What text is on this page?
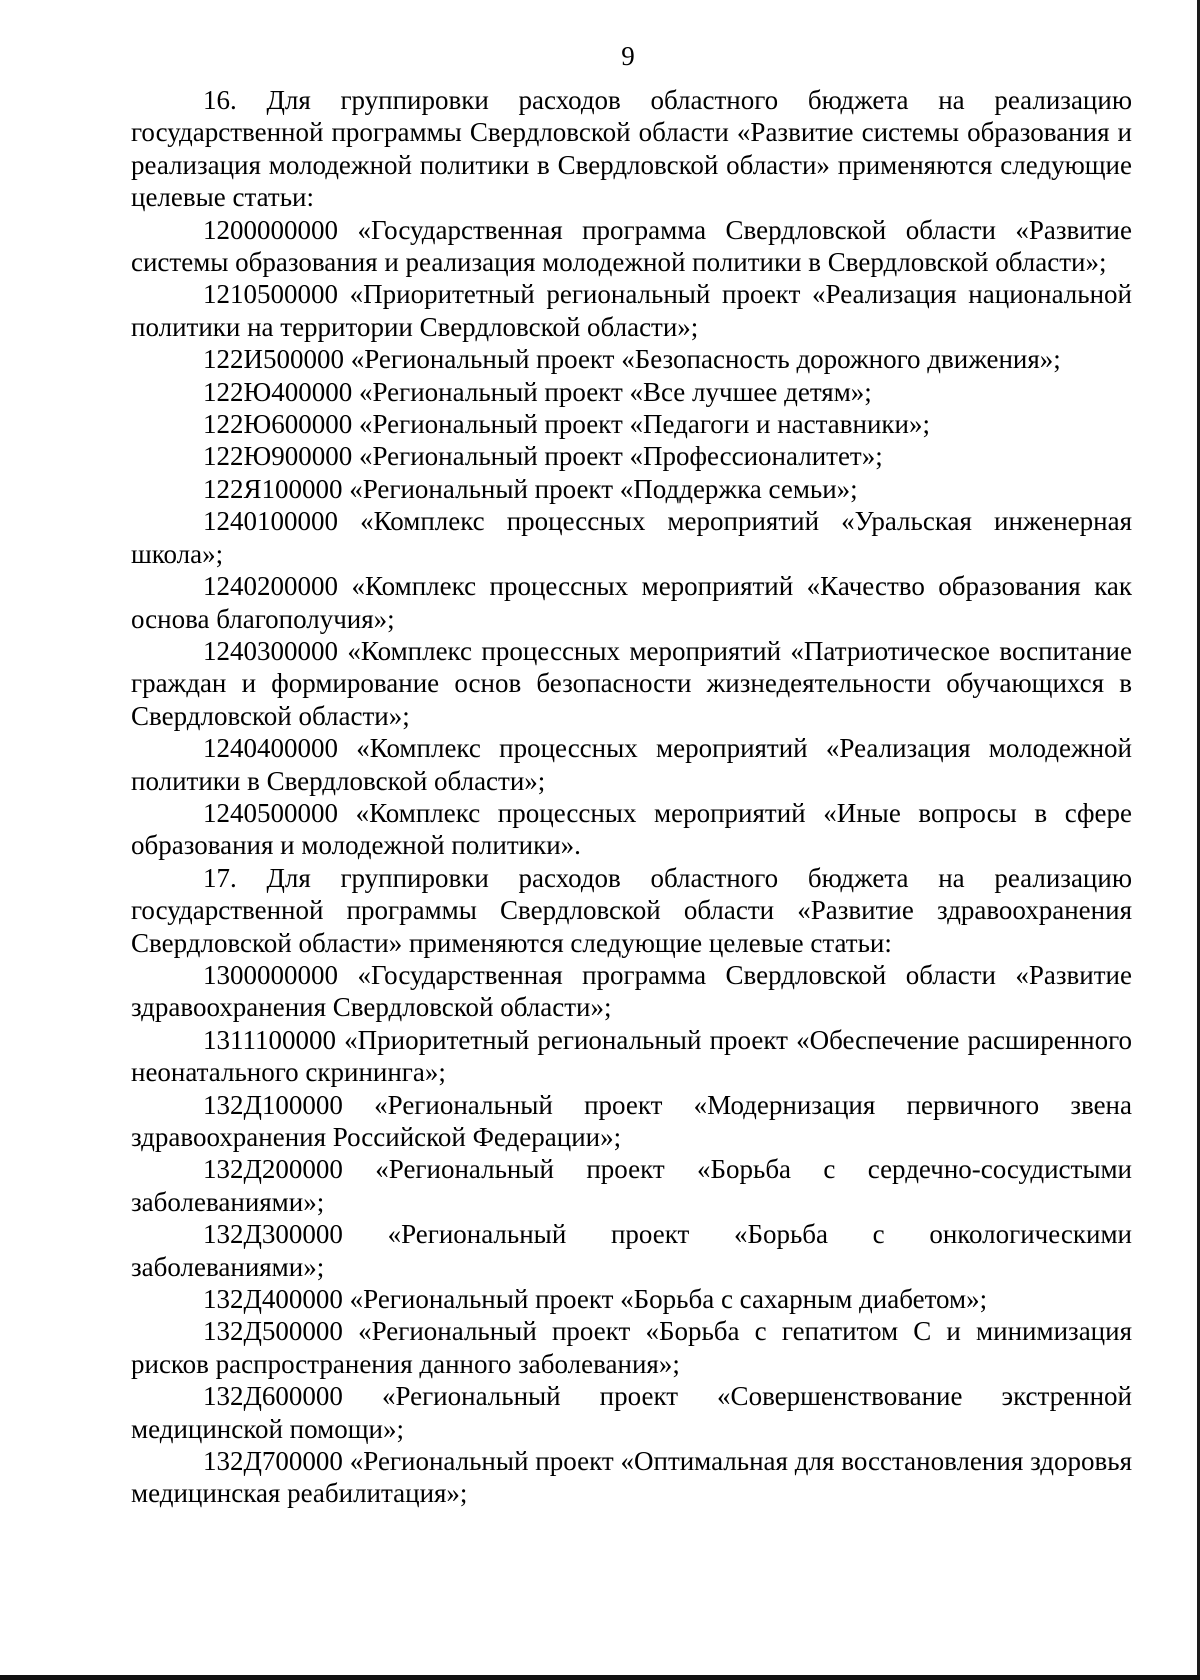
9

16. Для группировки расходов областного бюджета на реализацию государственной программы Свердловской области «Развитие системы образования и реализация молодежной политики в Свердловской области» применяются следующие целевые статьи:

1200000000 «Государственная программа Свердловской области «Развитие системы образования и реализация молодежной политики в Свердловской области»;

1210500000 «Приоритетный региональный проект «Реализация национальной политики на территории Свердловской области»;

122И500000 «Региональный проект «Безопасность дорожного движения»;

122Ю400000 «Региональный проект «Все лучшее детям»;

122Ю600000 «Региональный проект «Педагоги и наставники»;

122Ю900000 «Региональный проект «Профессионалитет»;

122Я100000 «Региональный проект «Поддержка семьи»;

1240100000 «Комплекс процессных мероприятий «Уральская инженерная школа»;

1240200000 «Комплекс процессных мероприятий «Качество образования как основа благополучия»;

1240300000 «Комплекс процессных мероприятий «Патриотическое воспитание граждан и формирование основ безопасности жизнедеятельности обучающихся в Свердловской области»;

1240400000 «Комплекс процессных мероприятий «Реализация молодежной политики в Свердловской области»;

1240500000 «Комплекс процессных мероприятий «Иные вопросы в сфере образования и молодежной политики».

17. Для группировки расходов областного бюджета на реализацию государственной программы Свердловской области «Развитие здравоохранения Свердловской области» применяются следующие целевые статьи:

1300000000 «Государственная программа Свердловской области «Развитие здравоохранения Свердловской области»;

1311100000 «Приоритетный региональный проект «Обеспечение расширенного неонатального скрининга»;

132Д100000 «Региональный проект «Модернизация первичного звена здравоохранения Российской Федерации»;

132Д200000 «Региональный проект «Борьба с сердечно-сосудистыми заболеваниями»;

132Д300000 «Региональный проект «Борьба с онкологическими заболеваниями»;

132Д400000 «Региональный проект «Борьба с сахарным диабетом»;

132Д500000 «Региональный проект «Борьба с гепатитом С и минимизация рисков распространения данного заболевания»;

132Д600000 «Региональный проект «Совершенствование экстренной медицинской помощи»;

132Д700000 «Региональный проект «Оптимальная для восстановления здоровья медицинская реабилитация»;
